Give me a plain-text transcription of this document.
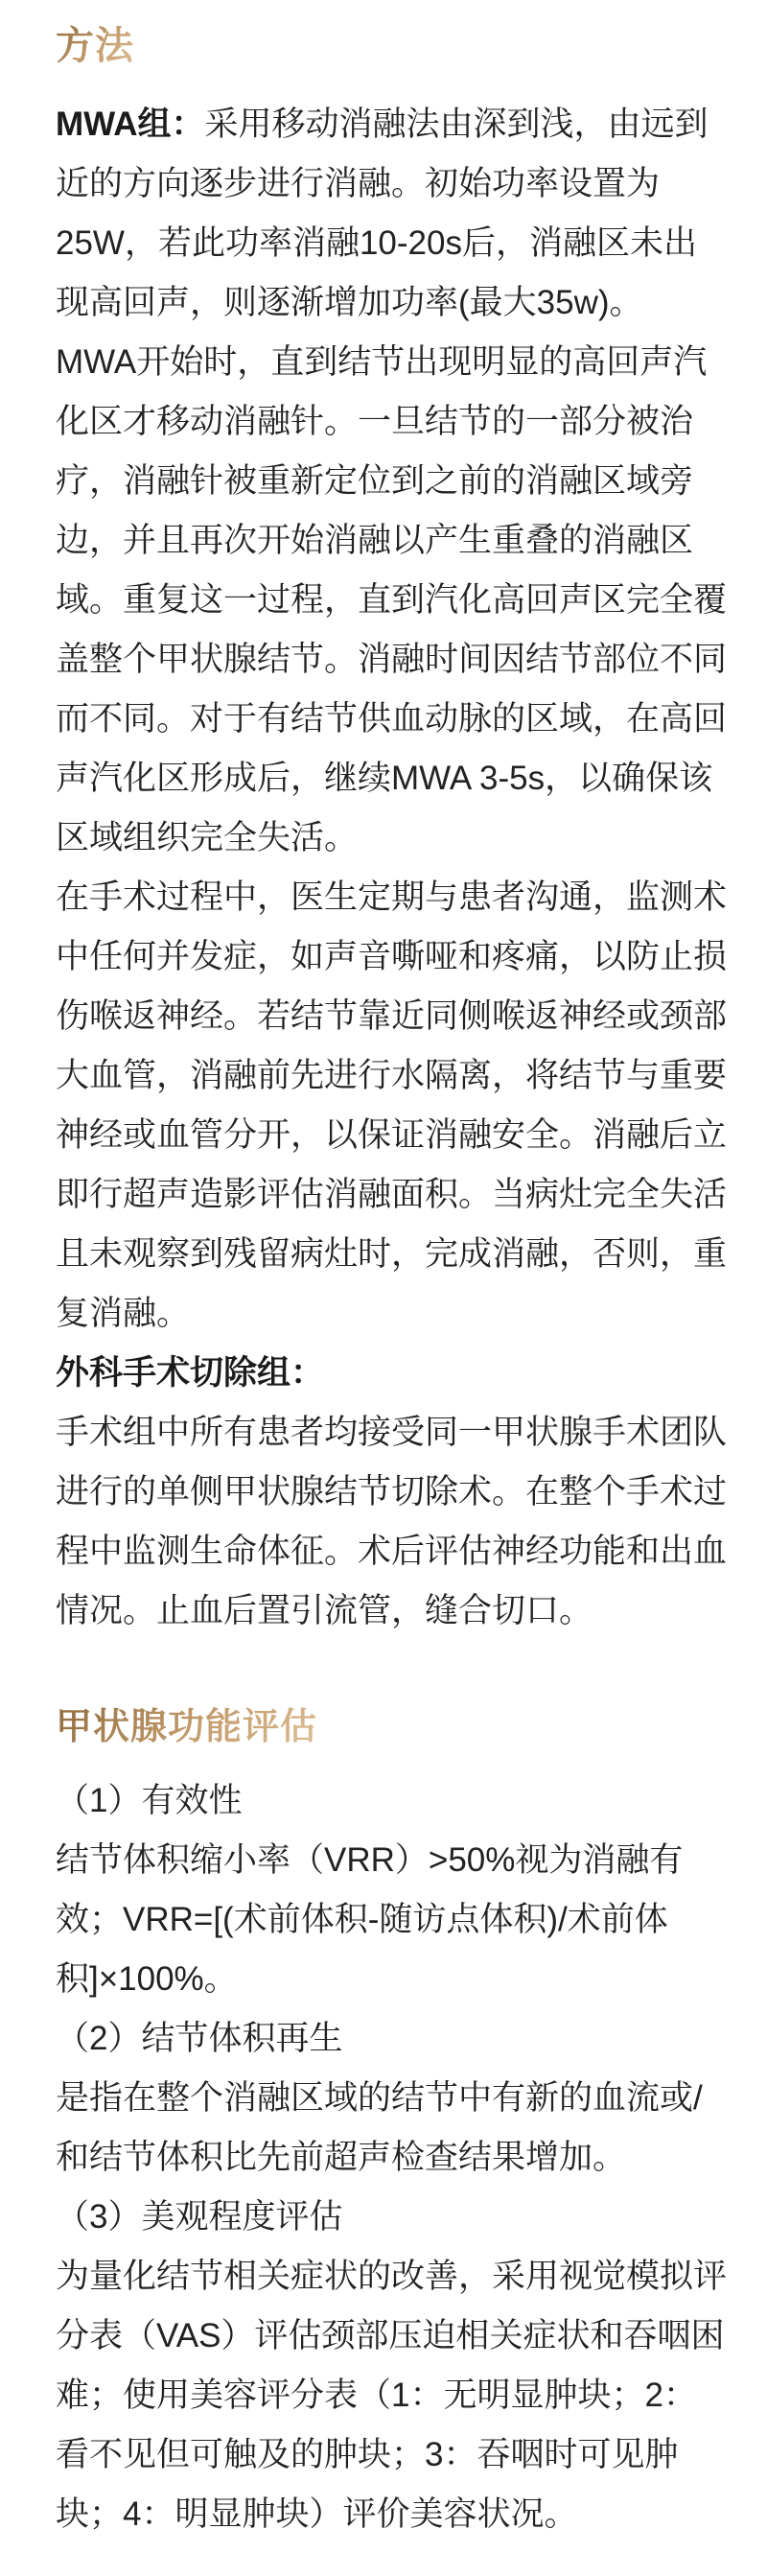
方法

MWA组：采用移动消融法由深到浅，由远到近的方向逐步进行消融。初始功率设置为25W，若此功率消融10-20s后，消融区未出现高回声，则逐渐增加功率(最大35w)。

MWA开始时，直到结节出现明显的高回声汽化区才移动消融针。一旦结节的一部分被治疗，消融针被重新定位到之前的消融区域旁边，并且再次开始消融以产生重叠的消融区域。重复这一过程，直到汽化高回声区完全覆盖整个甲状腺结节。消融时间因结节部位不同而不同。对于有结节供血动脉的区域，在高回声汽化区形成后，继续MWA 3-5s，以确保该区域组织完全失活。

在手术过程中，医生定期与患者沟通，监测术中任何并发症，如声音嘶哑和疼痛，以防止损伤喉返神经。若结节靠近同侧喉返神经或颈部大血管，消融前先进行水隔离，将结节与重要神经或血管分开，以保证消融安全。消融后立即行超声造影评估消融面积。当病灶完全失活且未观察到残留病灶时，完成消融，否则，重复消融。

外科手术切除组：

手术组中所有患者均接受同一甲状腺手术团队进行的单侧甲状腺结节切除术。在整个手术过程中监测生命体征。术后评估神经功能和出血情况。止血后置引流管，缝合切口。

甲状腺功能评估

（1）有效性

结节体积缩小率（VRR）>50%视为消融有效；VRR=[(术前体积-随访点体积)/术前体积]×100%。

（2）结节体积再生

是指在整个消融区域的结节中有新的血流或/和结节体积比先前超声检查结果增加。

（3）美观程度评估

为量化结节相关症状的改善，采用视觉模拟评分表（VAS）评估颈部压迫相关症状和吞咽困难；使用美容评分表（1：无明显肿块；2：看不见但可触及的肿块；3：吞咽时可见肿块；4：明显肿块）评价美容状况。
